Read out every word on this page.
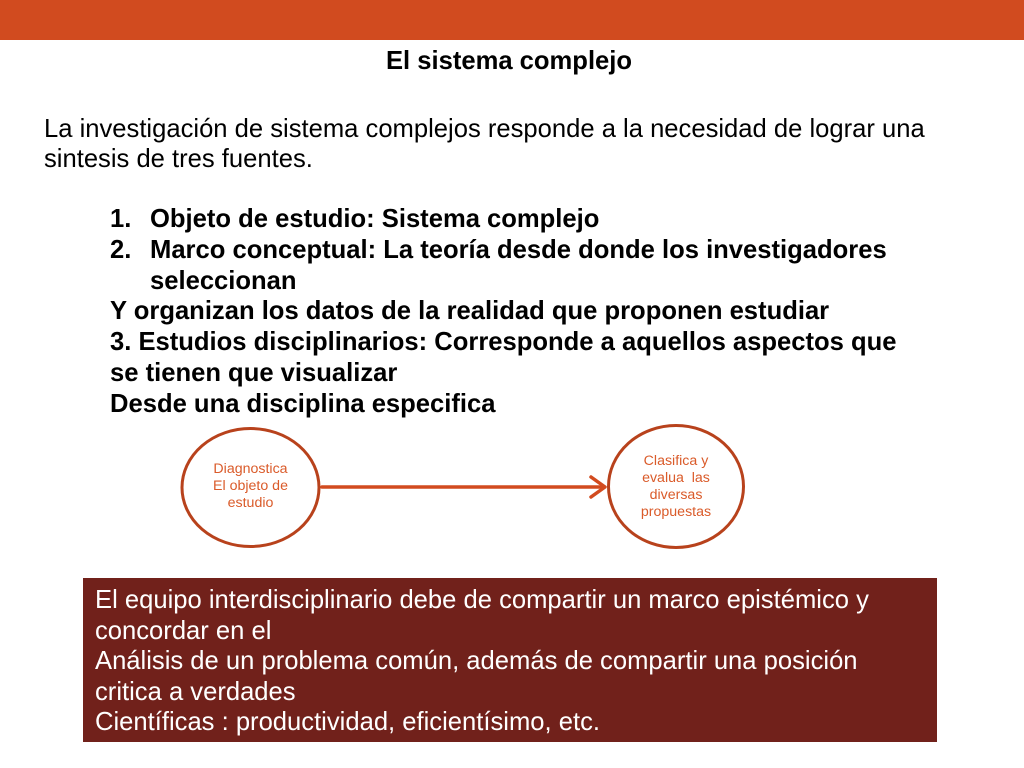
El sistema complejo
La investigación de sistema complejos responde a la necesidad de lograr una
sintesis de tres fuentes.
1. Objeto de estudio: Sistema complejo
2. Marco conceptual: La teoría desde donde los investigadores
seleccionan
Y organizan los datos de la realidad que proponen estudiar
3. Estudios disciplinarios: Corresponde a aquellos aspectos que
se tienen que visualizar
Desde una disciplina especifica
Diagnostica
El objeto de
estudio
Clasifica y
evalua  las
diversas
propuestas
El equipo interdisciplinario debe de compartir un marco epistémico y
concordar en el
Análisis de un problema común, además de compartir una posición
critica a verdades
Científicas : productividad, eficientísimo, etc.
